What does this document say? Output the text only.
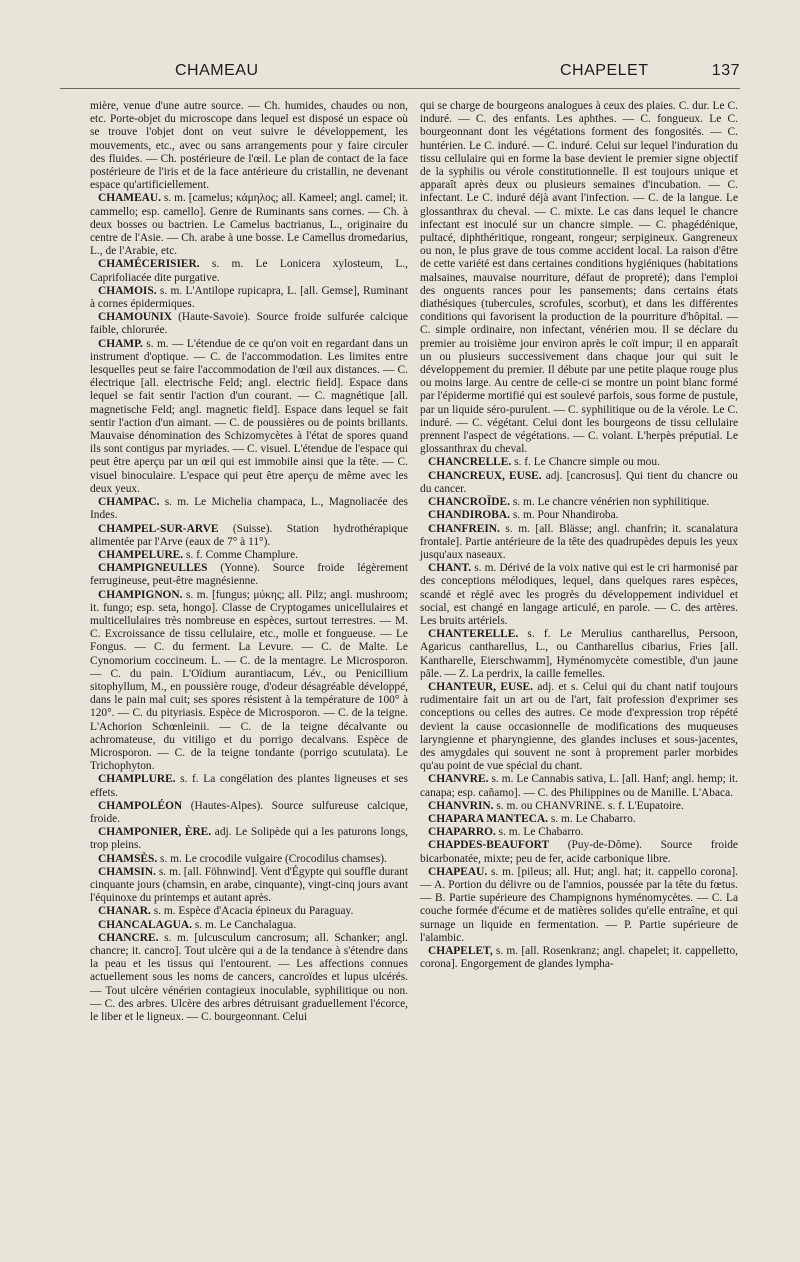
CHAMEAU	CHAPELET	137

mière, venue d'une autre source. — Ch. humides, chaudes ou non, etc. Porte-objet du microscope dans lequel est disposé un espace où se trouve l'objet dont on veut suivre le développement, les mouvements, etc., avec ou sans arrangements pour y faire circuler des fluides. — Ch. postérieure de l'œil. Le plan de contact de la face postérieure de l'iris et de la face antérieure du cristallin, ne devenant espace qu'artificiellement.

CHAMEAU. s. m. [camelus; κάμηλος; all. Kameel; angl. camel; it. cammello; esp. camello]. Genre de Ruminants sans cornes. — Ch. à deux bosses ou bactrien. Le Camelus bactrianus, L., originaire du centre de l'Asie. — Ch. arabe à une bosse. Le Camellus dromedarius, L., de l'Arabie, etc.

CHAMÉCERISIER. s. m. Le Lonicera xylosteum, L., Caprifoliacée dite purgative.

CHAMOIS. s. m. L'Antilope rupicapra, L. [all. Gemse], Ruminant à cornes épidermiques.

CHAMOUNIX (Haute-Savoie). Source froide sulfurée calcique faible, chlorurée.

CHAMP. s. m. — L'étendue de ce qu'on voit en regardant dans un instrument d'optique. — C. de l'accommodation. Les limites entre lesquelles peut se faire l'accommodation de l'œil aux distances. — C. électrique [all. electrische Feld; angl. electric field]. Espace dans lequel se fait sentir l'action d'un courant. — C. magnétique [all. magnetische Feld; angl. magnetic field]. Espace dans lequel se fait sentir l'action d'un aimant. — C. de poussières ou de points brillants. Mauvaise dénomination des Schizomycètes à l'état de spores quand ils sont contigus par myriades. — C. visuel. L'étendue de l'espace qui peut être aperçu par un œil qui est immobile ainsi que la tête. — C. visuel binoculaire. L'espace qui peut être aperçu de même avec les deux yeux.

CHAMPAC. s. m. Le Michelia champaca, L., Magnoliacée des Indes.

CHAMPEL-SUR-ARVE (Suisse). Station hydrothérapique alimentée par l'Arve (eaux de 7° à 11°).

CHAMPELURE. s. f. Comme Champlure.

CHAMPIGNEULLES (Yonne). Source froide légèrement ferrugineuse, peut-être magnésienne.

CHAMPIGNON. s. m. [fungus; μύκης; all. Pilz; angl. mushroom; it. fungo; esp. seta, hongo]. Classe de Cryptogames unicellulaires et multicellulaires très nombreuse en espèces, surtout terrestres. — M. C. Excroissance de tissu cellulaire, etc., molle et fongueuse. — Le Fongus. — C. du ferment. La Levure. — C. de Malte. Le Cynomorium coccineum. L. — C. de la mentagre. Le Microsporon. — C. du pain. L'Oïdium aurantiacum, Lév., ou Penicillium sitophyllum, M., en poussière rouge, d'odeur désagréable développé, dans le pain mal cuit; ses spores résistent à la température de 100° à 120°. — C. du pityriasis. Espèce de Microsporon. — C. de la teigne. L'Achorion Schœnleinii. — C. de la teigne décalvante ou achromateuse, du vitiligo et du porrigo decalvans. Espèce de Microsporon. — C. de la teigne tondante (porrigo scutulata). Le Trichophyton.

CHAMPLURE. s. f. La congélation des plantes ligneuses et ses effets.

CHAMPOLÉON (Hautes-Alpes). Source sulfureuse calcique, froide.

CHAMPONIER, ÈRE. adj. Le Solipède qui a les paturons longs, trop pleins.

CHAMSÈS. s. m. Le crocodile vulgaire (Crocodilus chamses).

CHAMSIN. s. m. [all. Föhnwind]. Vent d'Égypte qui souffle durant cinquante jours (chamsin, en arabe, cinquante), vingt-cinq jours avant l'équinoxe du printemps et autant après.

CHANAR. s. m. Espèce d'Acacia épineux du Paraguay.

CHANCALAGUA. s. m. Le Canchalagua.

CHANCRE. s. m. [ulcusculum cancrosum; all. Schanker; angl. chancre; it. cancro]. Tout ulcère qui a de la tendance à s'étendre dans la peau et les tissus qui l'entourent. — Les affections connues actuellement sous les noms de cancers, cancroïdes et lupus ulcérés. — Tout ulcère vénérien contagieux inoculable, syphilitique ou non. — C. des arbres. Ulcère des arbres détruisant graduellement l'écorce, le liber et le ligneux. — C. bourgeonnant. Celui

qui se charge de bourgeons analogues à ceux des plaies. C. dur. Le C. induré. — C. des enfants. Les aphthes. — C. fongueux. Le C. bourgeonnant dont les végétations forment des fongosités. — C. huntérien. Le C. induré. — C. induré. Celui sur lequel l'induration du tissu cellulaire qui en forme la base devient le premier signe objectif de la syphilis ou vérole constitutionnelle. Il est toujours unique et apparaît après deux ou plusieurs semaines d'incubation. — C. infectant. Le C. induré déjà avant l'infection. — C. de la langue. Le glossanthrax du cheval. — C. mixte. Le cas dans lequel le chancre infectant est inoculé sur un chancre simple. — C. phagédénique, pultacé, diphthéritique, rongeant, rongeur; serpigineux. Gangreneux ou non, le plus grave de tous comme accident local. La raison d'être de cette variété est dans certaines conditions hygiéniques (habitations malsaines, mauvaise nourriture, défaut de propreté); dans l'emploi des onguents rances pour les pansements; dans certains états diathésiques (tubercules, scrofules, scorbut), et dans les différentes conditions qui favorisent la production de la pourriture d'hôpital. — C. simple ordinaire, non infectant, vénérien mou. Il se déclare du premier au troisième jour environ après le coït impur; il en apparaît un ou plusieurs successivement dans chaque jour qui suit le développement du premier. Il débute par une petite plaque rouge plus ou moins large. Au centre de celle-ci se montre un point blanc formé par l'épiderme mortifié qui est soulevé parfois, sous forme de pustule, par un liquide séro-purulent. — C. syphilitique ou de la vérole. Le C. induré. — C. végétant. Celui dont les bourgeons de tissu cellulaire prennent l'aspect de végétations. — C. volant. L'herpès préputial. Le glossanthrax du cheval.

CHANCRELLE. s. f. Le Chancre simple ou mou.

CHANCREUX, EUSE. adj. [cancrosus]. Qui tient du chancre ou du cancer.

CHANCROÏDE. s. m. Le chancre vénérien non syphilitique.

CHANDIROBA. s. m. Pour Nhandiroba.

CHANFREIN. s. m. [all. Blässe; angl. chanfrin; it. scanalatura frontale]. Partie antérieure de la tête des quadrupèdes depuis les yeux jusqu'aux naseaux.

CHANT. s. m. Dérivé de la voix native qui est le cri harmonisé par des conceptions mélodiques, lequel, dans quelques rares espèces, scandé et réglé avec les progrès du développement individuel et social, est changé en langage articulé, en parole. — C. des artères. Les bruits artériels.

CHANTERELLE. s. f. Le Merulius cantharellus, Persoon, Agaricus cantharellus, L., ou Cantharellus cibarius, Fries [all. Kantharelle, Eierschwamm], Hyménomycète comestible, d'un jaune pâle. — Z. La perdrix, la caille femelles.

CHANTEUR, EUSE. adj. et s. Celui qui du chant natif toujours rudimentaire fait un art ou de l'art, fait profession d'exprimer ses conceptions ou celles des autres. Ce mode d'expression trop répété devient la cause occasionnelle de modifications des muqueuses laryngienne et pharyngienne, des glandes incluses et sous-jacentes, des amygdales qui souvent ne sont à proprement parler morbides qu'au point de vue spécial du chant.

CHANVRE. s. m. Le Cannabis sativa, L. [all. Hanf; angl. hemp; it. canapa; esp. cañamo]. — C. des Philippines ou de Manille. L'Abaca.

CHANVRIN. s. m. ou CHANVRINE. s. f. L'Eupatoire.

CHAPARA MANTECA. s. m. Le Chabarro.

CHAPARRO. s. m. Le Chabarro.

CHAPDES-BEAUFORT (Puy-de-Dôme). Source froide bicarbonatée, mixte; peu de fer, acide carbonique libre.

CHAPEAU. s. m. [pileus; all. Hut; angl. hat; it. cappello corona]. — A. Portion du délivre ou de l'amnios, poussée par la tête du fœtus. — B. Partie supérieure des Champignons hyménomycètes. — C. La couche formée d'écume et de matières solides qu'elle entraîne, et qui surnage un liquide en fermentation. — P. Partie supérieure de l'alambic.

CHAPELET, s. m. [all. Rosenkranz; angl. chapelet; it. cappelletto, corona]. Engorgement de glandes lympha-
